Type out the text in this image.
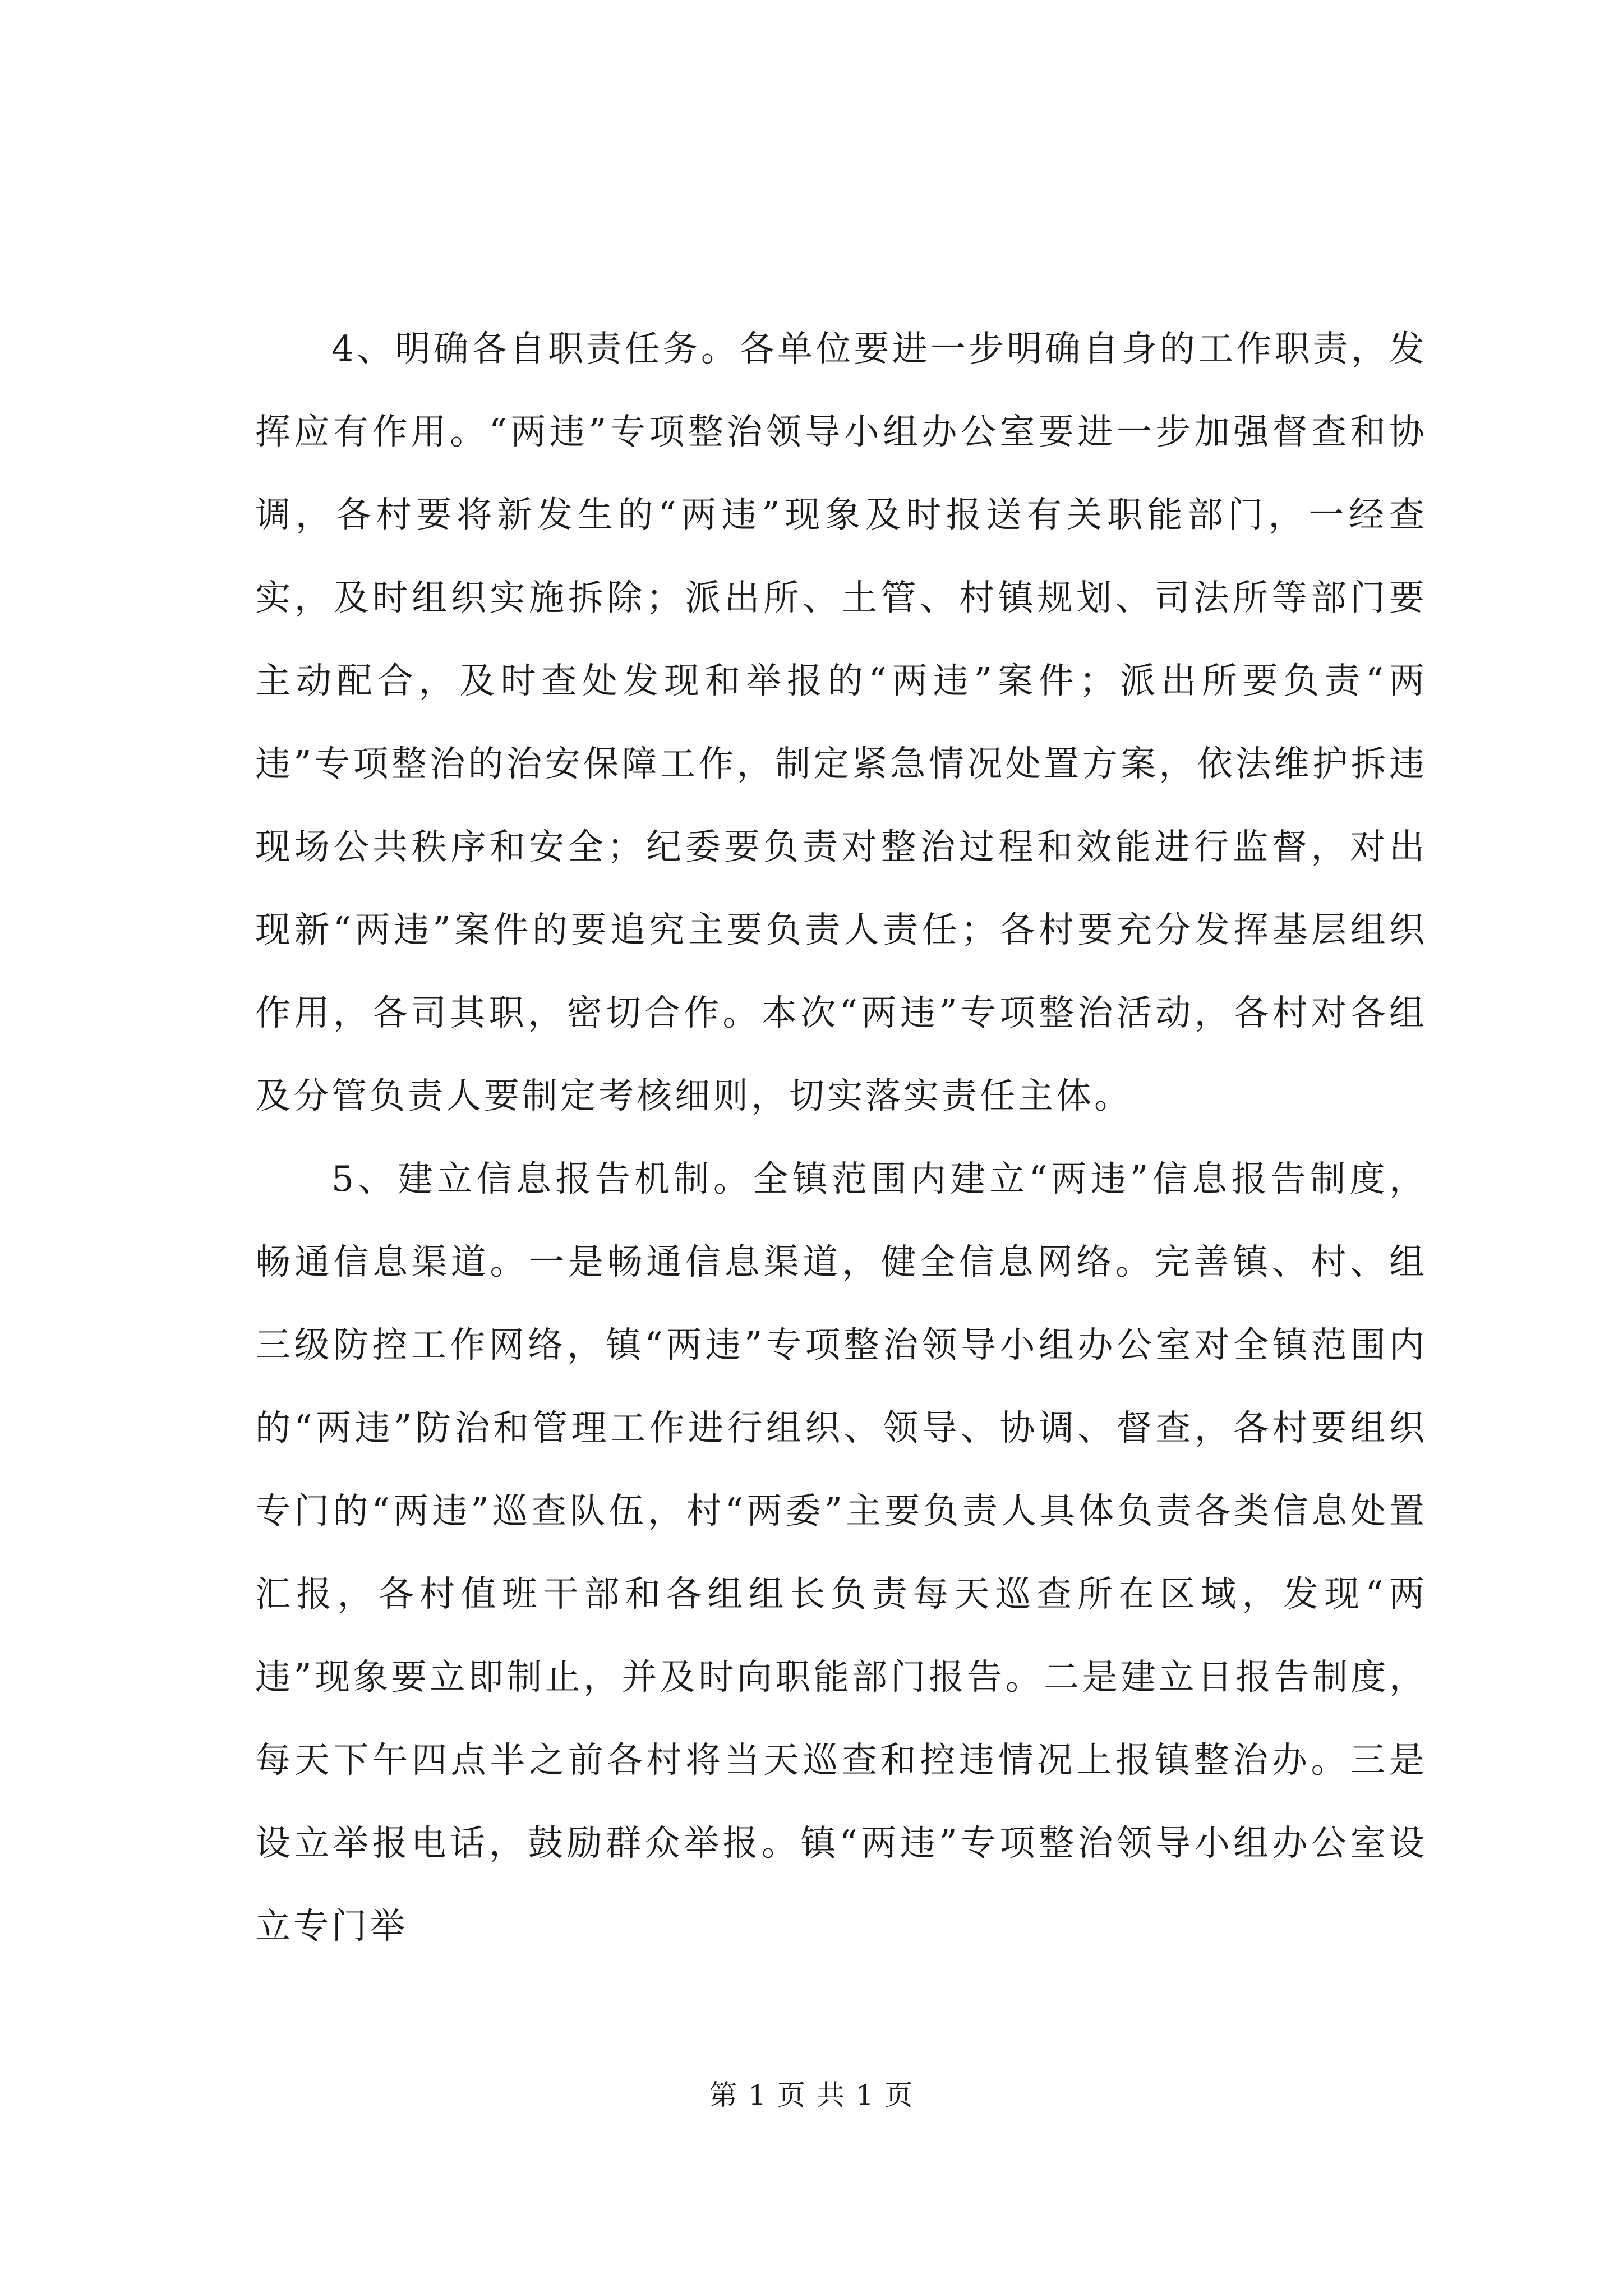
4、明确各自职责任务。各单位要进一步明确自身的工作职责，发挥应有作用。“两违”专项整治领导小组办公室要进一步加强督查和协调，各村要将新发生的“两违”现象及时报送有关职能部门，一经查实，及时组织实施拆除；派出所、土管、村镇规划、司法所等部门要主动配合，及时查处发现和举报的“两违”案件；派出所要负责“两违”专项整治的治安保障工作，制定紧急情况处置方案，依法维护拆违现场公共秩序和安全；纪委要负责对整治过程和效能进行监督，对出现新“两违”案件的要追究主要负责人责任；各村要充分发挥基层组织作用，各司其职，密切合作。本次“两违”专项整治活动，各村对各组及分管负责人要制定考核细则，切实落实责任主体。

5、建立信息报告机制。全镇范围内建立“两违”信息报告制度，畅通信息渠道。一是畅通信息渠道，健全信息网络。完善镇、村、组三级防控工作网络，镇“两违”专项整治领导小组办公室对全镇范围内的“两违”防治和管理工作进行组织、领导、协调、督查，各村要组织专门的“两违”巡查队伍，村“两委”主要负责人具体负责各类信息处置汇报，各村值班干部和各组组长负责每天巡查所在区域，发现“两违”现象要立即制止，并及时向职能部门报告。二是建立日报告制度，每天下午四点半之前各村将当天巡查和控违情况上报镇整治办。三是设立举报电话，鼓励群众举报。镇“两违”专项整治领导小组办公室设立专门举

第 1 页 共 1 页
